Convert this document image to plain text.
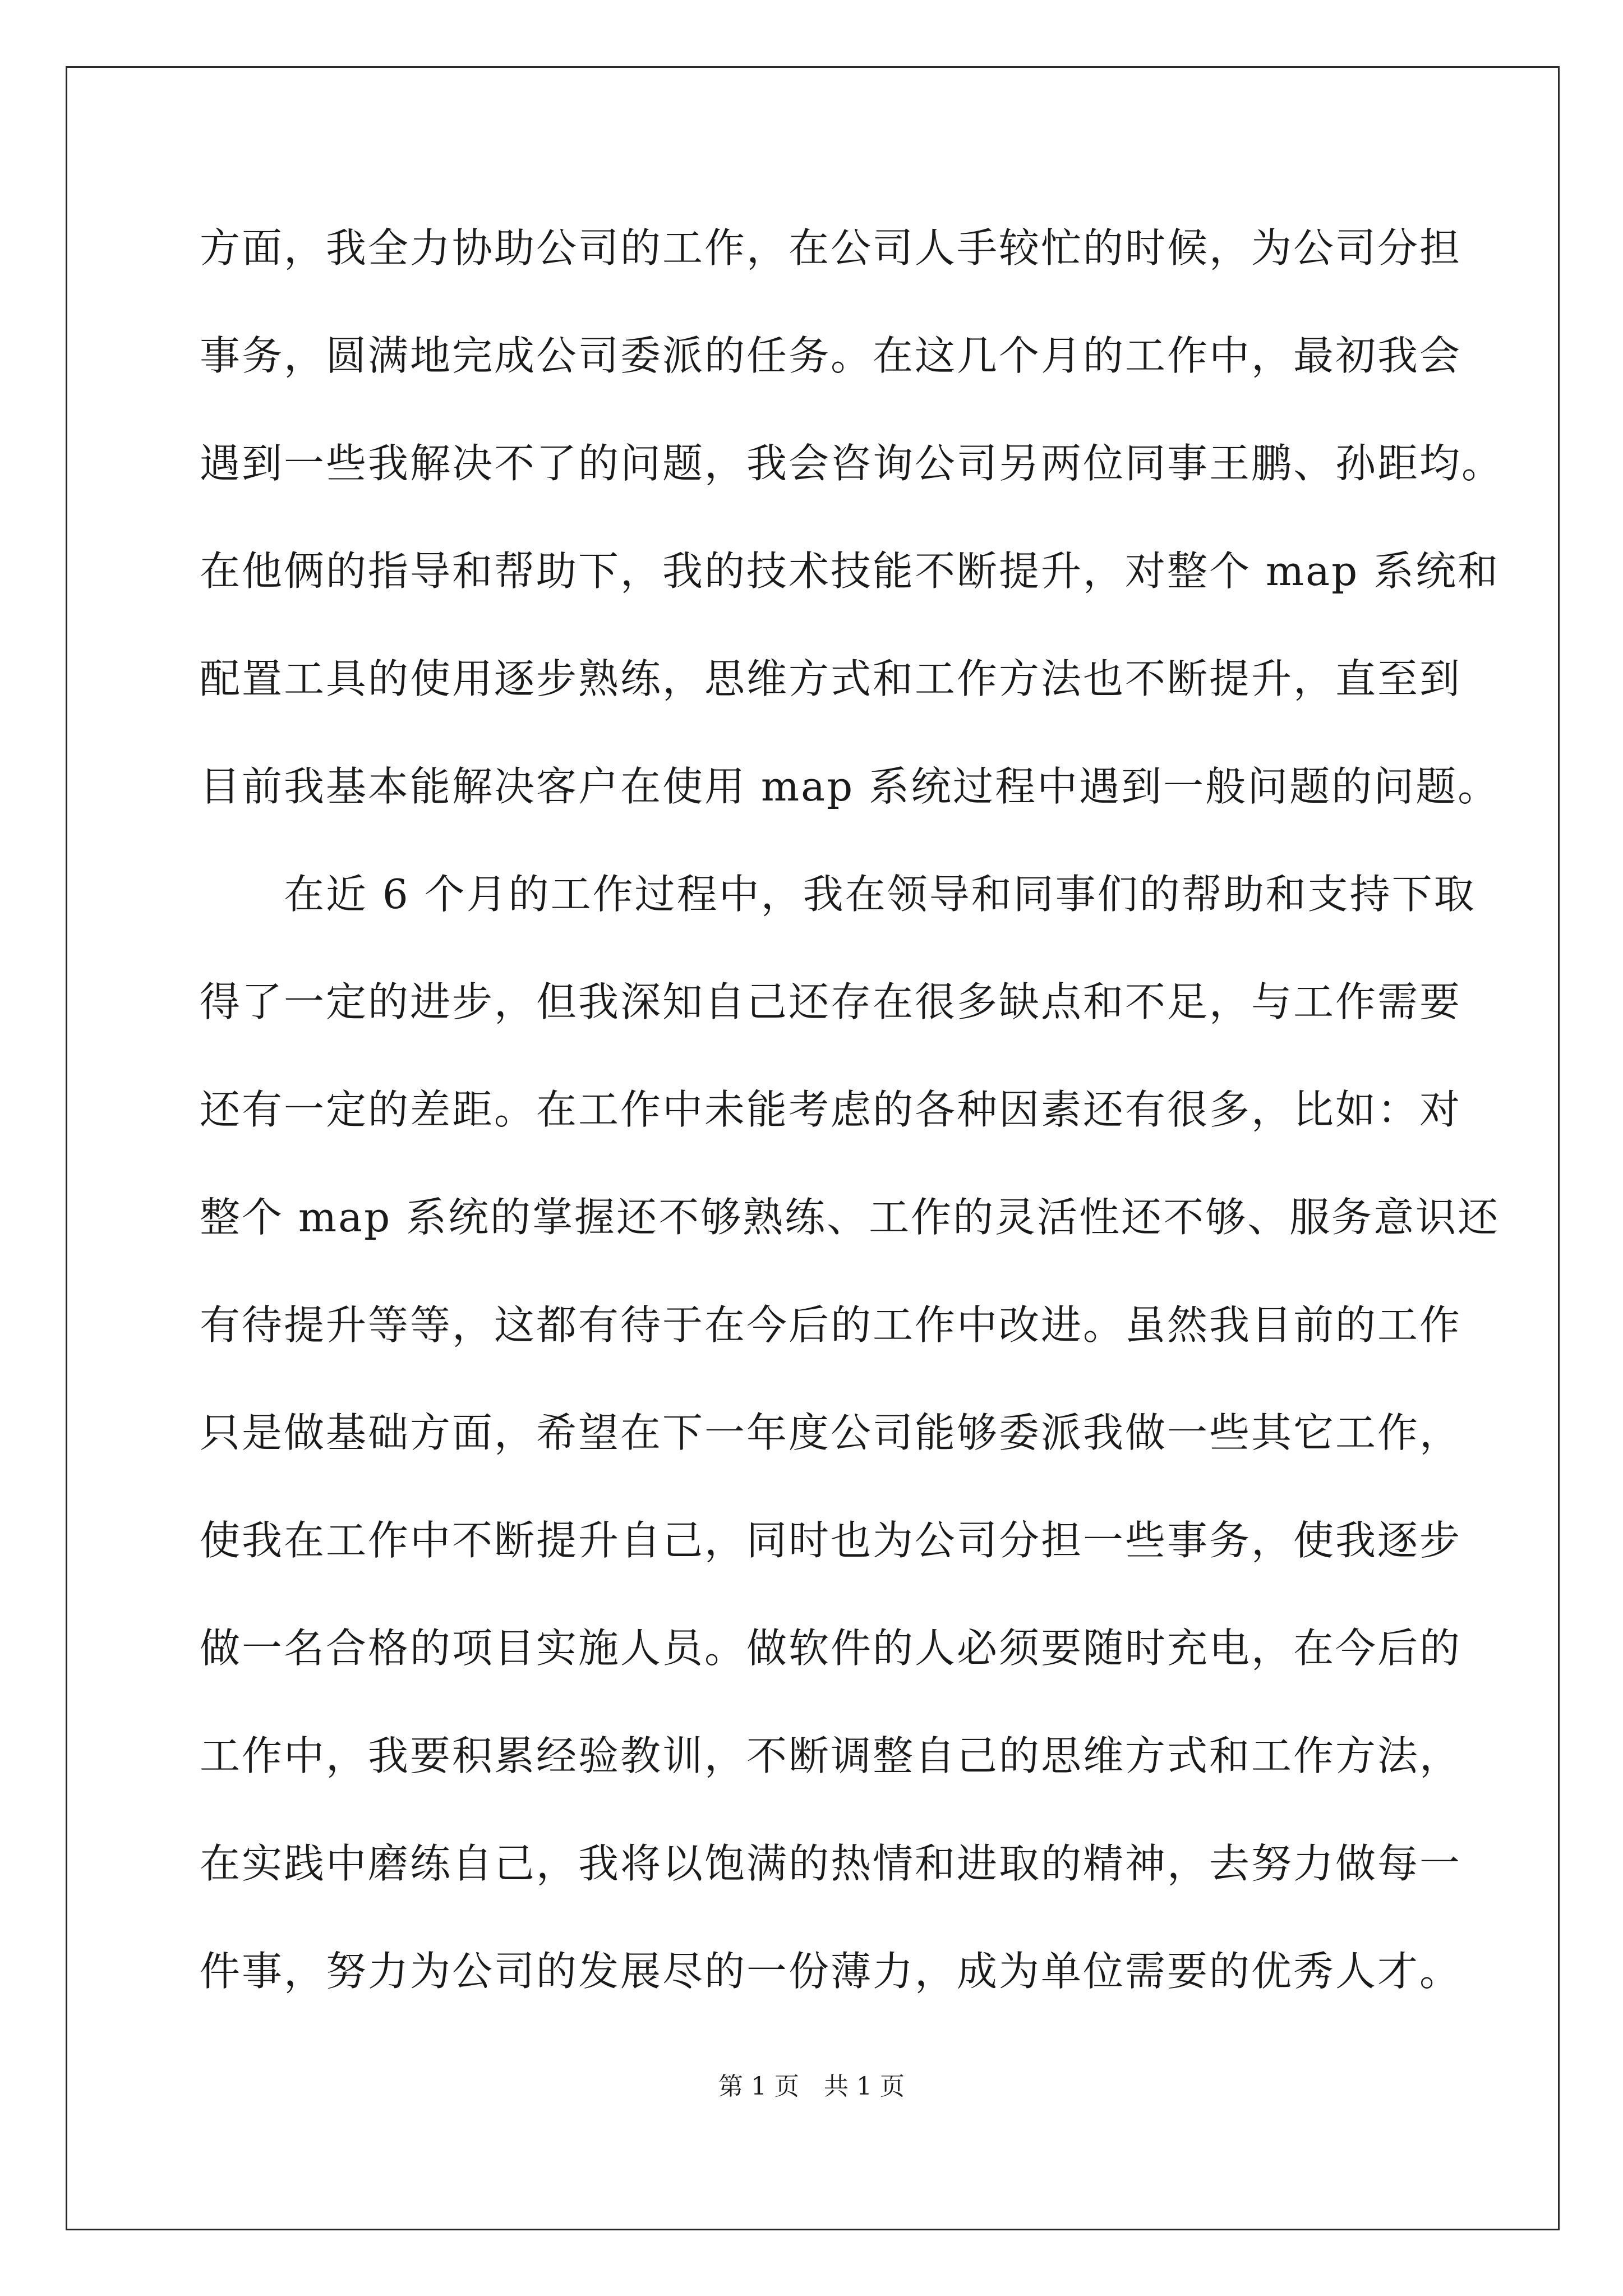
方面，我全力协助公司的工作，在公司人手较忙的时候，为公司分担
事务，圆满地完成公司委派的任务。在这几个月的工作中，最初我会
遇到一些我解决不了的问题，我会咨询公司另两位同事王鹏、孙距均。
在他俩的指导和帮助下，我的技术技能不断提升，对整个 map 系统和
配置工具的使用逐步熟练，思维方式和工作方法也不断提升，直至到
目前我基本能解决客户在使用 map 系统过程中遇到一般问题的问题。
　　在近 6 个月的工作过程中，我在领导和同事们的帮助和支持下取
得了一定的进步，但我深知自己还存在很多缺点和不足，与工作需要
还有一定的差距。在工作中未能考虑的各种因素还有很多，比如：对
整个 map 系统的掌握还不够熟练、工作的灵活性还不够、服务意识还
有待提升等等，这都有待于在今后的工作中改进。虽然我目前的工作
只是做基础方面，希望在下一年度公司能够委派我做一些其它工作，
使我在工作中不断提升自己，同时也为公司分担一些事务，使我逐步
做一名合格的项目实施人员。做软件的人必须要随时充电，在今后的
工作中，我要积累经验教训，不断调整自己的思维方式和工作方法，
在实践中磨练自己，我将以饱满的热情和进取的精神，去努力做每一
件事，努力为公司的发展尽的一份薄力，成为单位需要的优秀人才。
第 1 页　共 1 页
